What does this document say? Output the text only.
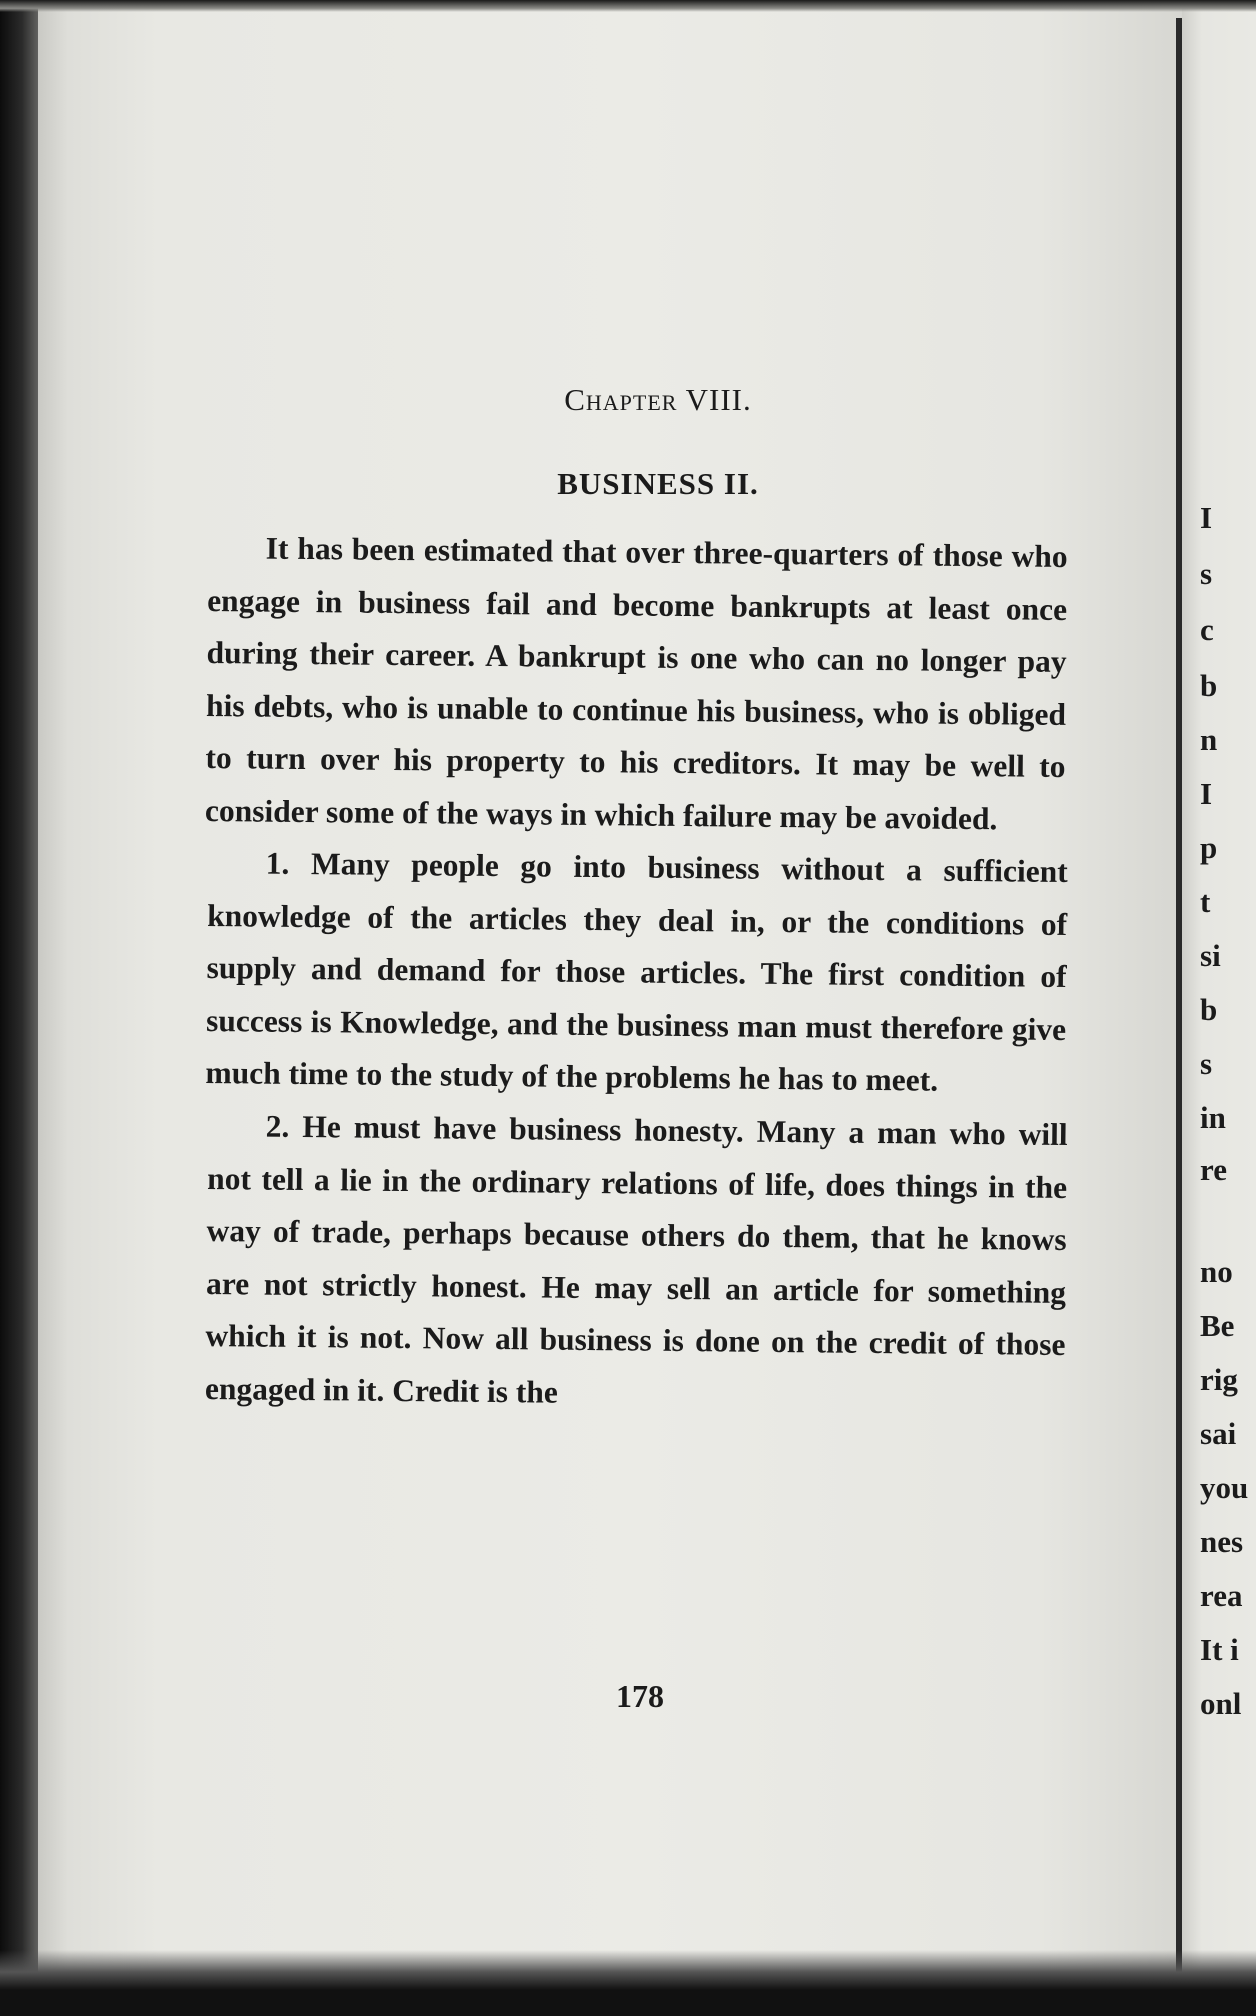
Chapter VIII.
BUSINESS II.

It has been estimated that over three-quarters of those who engage in business fail and become bankrupts at least once during their career. A bankrupt is one who can no longer pay his debts, who is unable to continue his business, who is obliged to turn over his property to his creditors. It may be well to consider some of the ways in which failure may be avoided.

1. Many people go into business without a sufficient knowledge of the articles they deal in, or the conditions of supply and demand for those articles. The first condition of success is Knowledge, and the business man must therefore give much time to the study of the problems he has to meet.

2. He must have business honesty. Many a man who will not tell a lie in the ordinary relations of life, does things in the way of trade, perhaps because others do them, that he knows are not strictly honest. He may sell an article for something which it is not. Now all business is done on the credit of those engaged in it. Credit is the

178
I
s
c
b
n
I
p
t
si
b
s
in
re
no
Be
rig
sai
you
nes
rea
It i
onl
